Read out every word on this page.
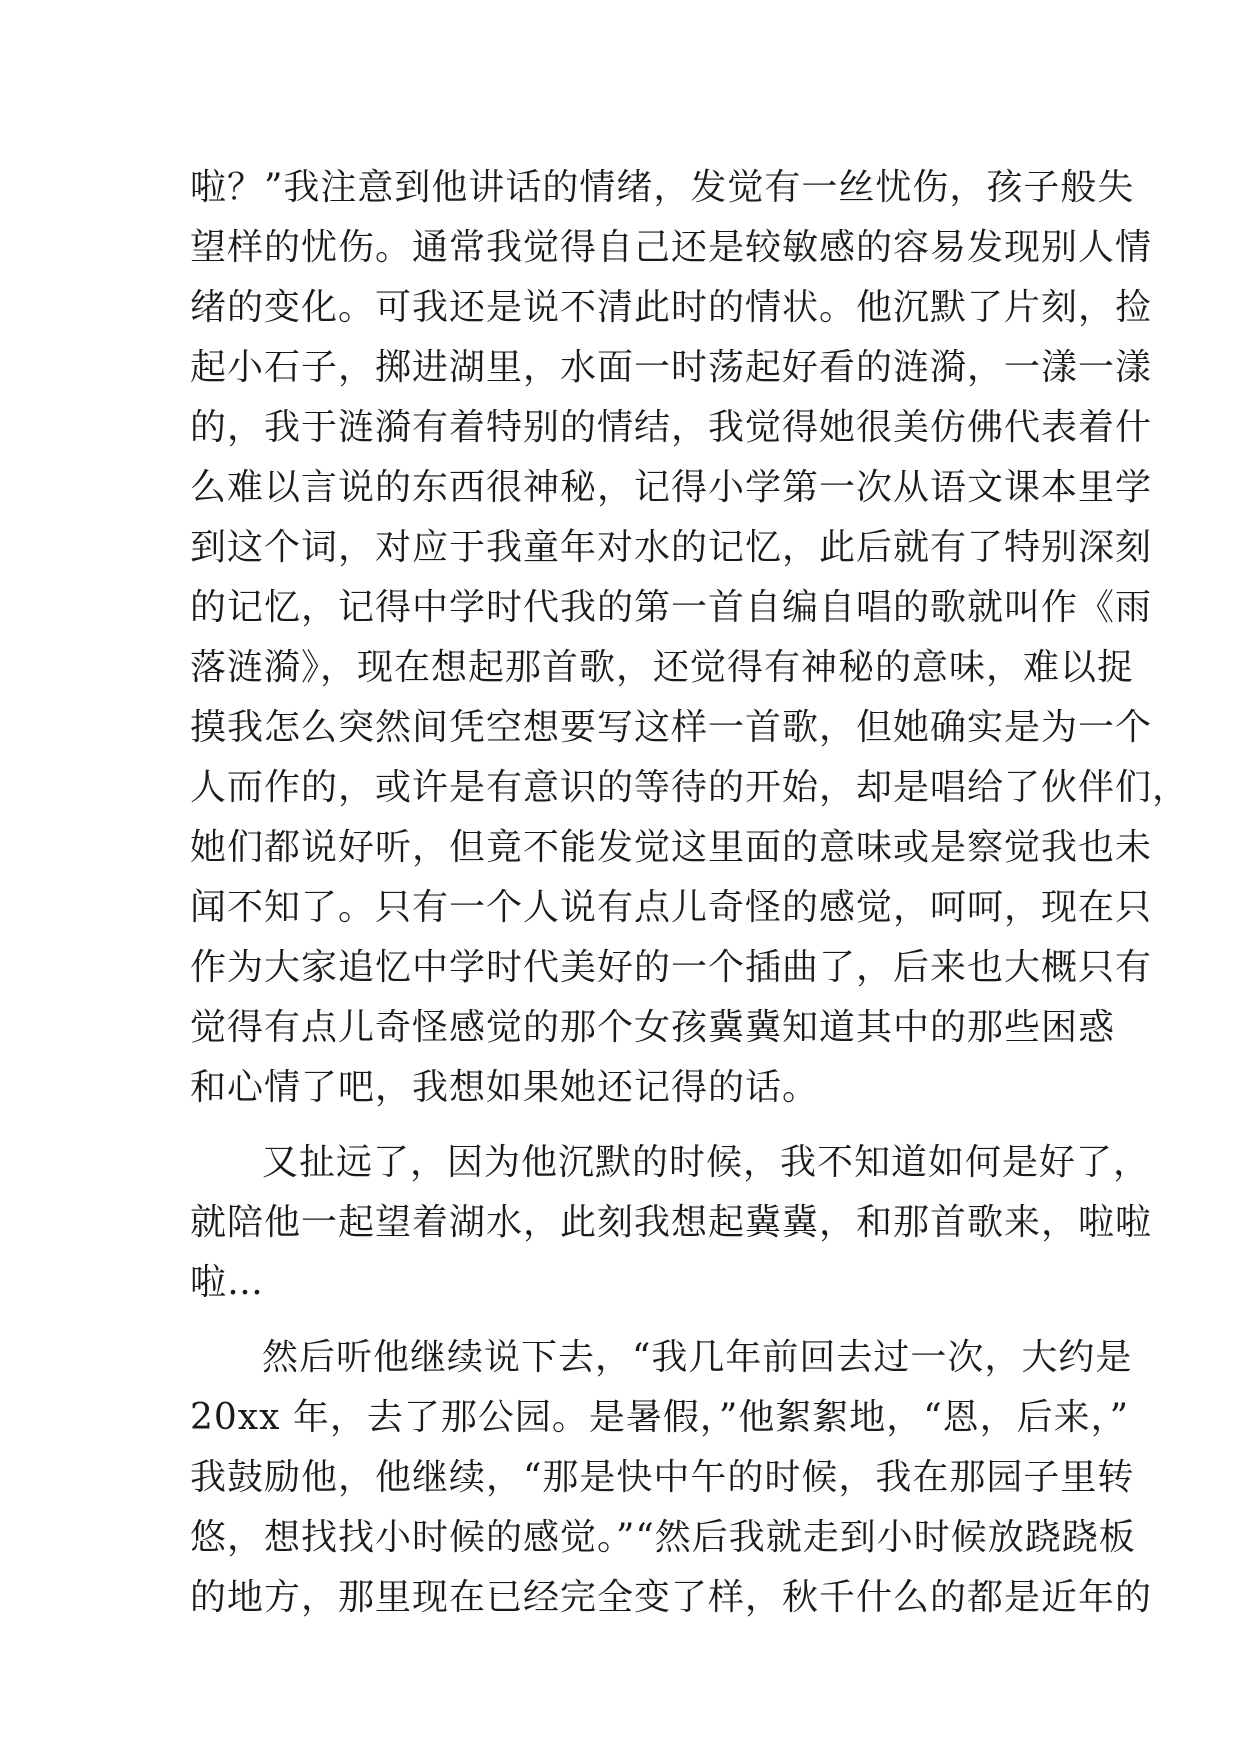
啦？”我注意到他讲话的情绪，发觉有一丝忧伤，孩子般失
望样的忧伤。通常我觉得自己还是较敏感的容易发现别人情
绪的变化。可我还是说不清此时的情状。他沉默了片刻，捡
起小石子，掷进湖里，水面一时荡起好看的涟漪，一漾一漾
的，我于涟漪有着特别的情结，我觉得她很美仿佛代表着什
么难以言说的东西很神秘，记得小学第一次从语文课本里学
到这个词，对应于我童年对水的记忆，此后就有了特别深刻
的记忆，记得中学时代我的第一首自编自唱的歌就叫作《雨
落涟漪》，现在想起那首歌，还觉得有神秘的意味，难以捉
摸我怎么突然间凭空想要写这样一首歌，但她确实是为一个
人而作的，或许是有意识的等待的开始，却是唱给了伙伴们，
她们都说好听，但竟不能发觉这里面的意味或是察觉我也未
闻不知了。只有一个人说有点儿奇怪的感觉，呵呵，现在只
作为大家追忆中学时代美好的一个插曲了，后来也大概只有
觉得有点儿奇怪感觉的那个女孩冀冀知道其中的那些困惑
和心情了吧，我想如果她还记得的话。
又扯远了，因为他沉默的时候，我不知道如何是好了，
就陪他一起望着湖水，此刻我想起冀冀，和那首歌来，啦啦
啦…
然后听他继续说下去，“我几年前回去过一次，大约是
20xx 年，去了那公园。是暑假，”他絮絮地，“恩，后来，”
我鼓励他，他继续，“那是快中午的时候，我在那园子里转
悠，想找找小时候的感觉。”“然后我就走到小时候放跷跷板
的地方，那里现在已经完全变了样，秋千什么的都是近年的
